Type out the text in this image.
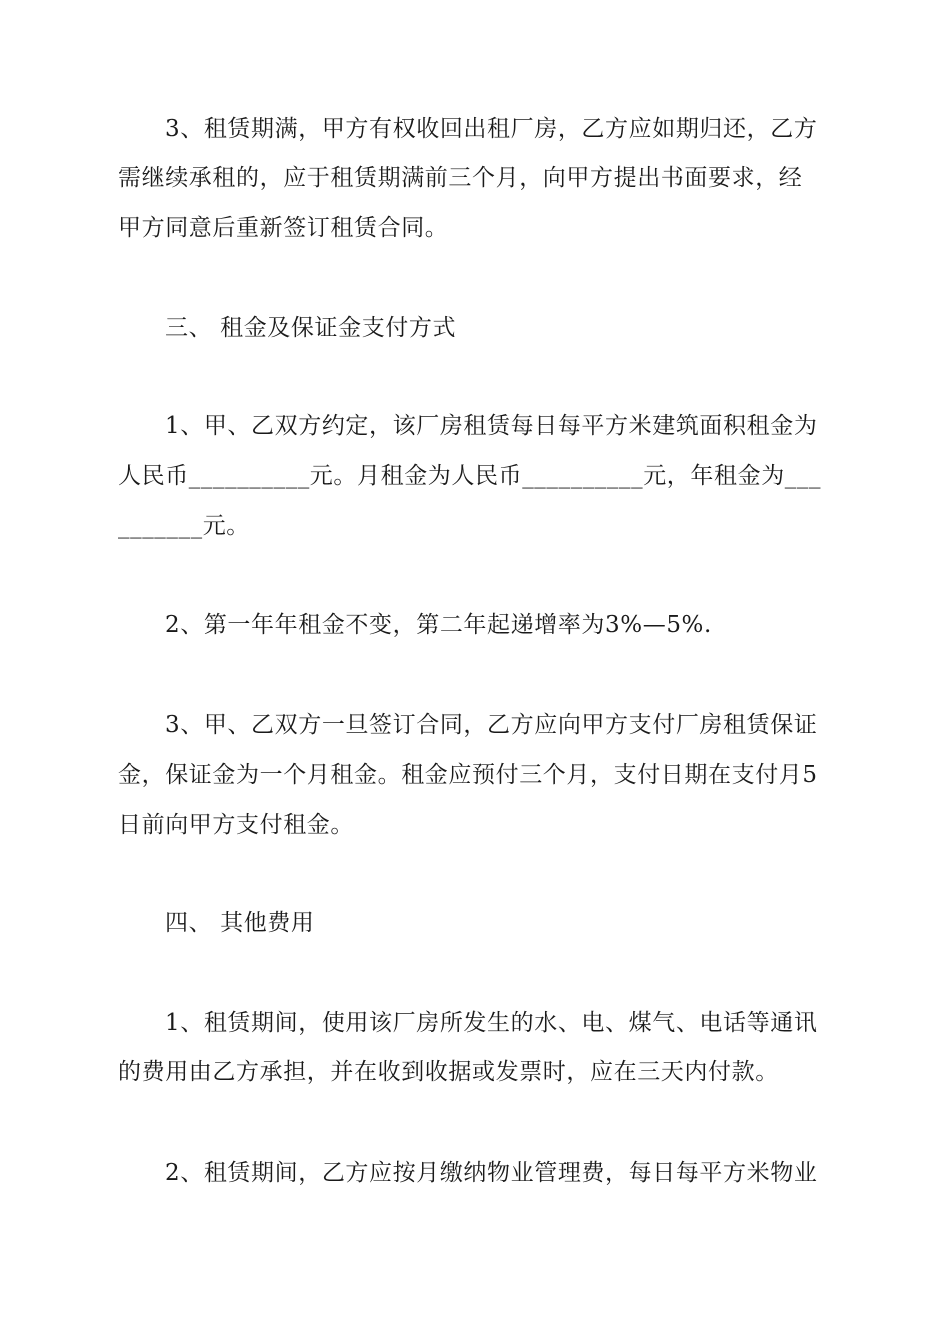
3、租赁期满，甲方有权收回出租厂房，乙方应如期归还，乙方
需继续承租的，应于租赁期满前三个月，向甲方提出书面要求，经
甲方同意后重新签订租赁合同。
三、 租金及保证金支付方式
1、甲、乙双方约定，该厂房租赁每日每平方米建筑面积租金为
人民币__________元。月租金为人民币__________元，年租金为___
_______元。
2、第一年年租金不变，第二年起递增率为3%—5%.
3、甲、乙双方一旦签订合同，乙方应向甲方支付厂房租赁保证
金，保证金为一个月租金。租金应预付三个月，支付日期在支付月5
日前向甲方支付租金。
四、 其他费用
1、租赁期间，使用该厂房所发生的水、电、煤气、电话等通讯
的费用由乙方承担，并在收到收据或发票时，应在三天内付款。
2、租赁期间，乙方应按月缴纳物业管理费，每日每平方米物业
